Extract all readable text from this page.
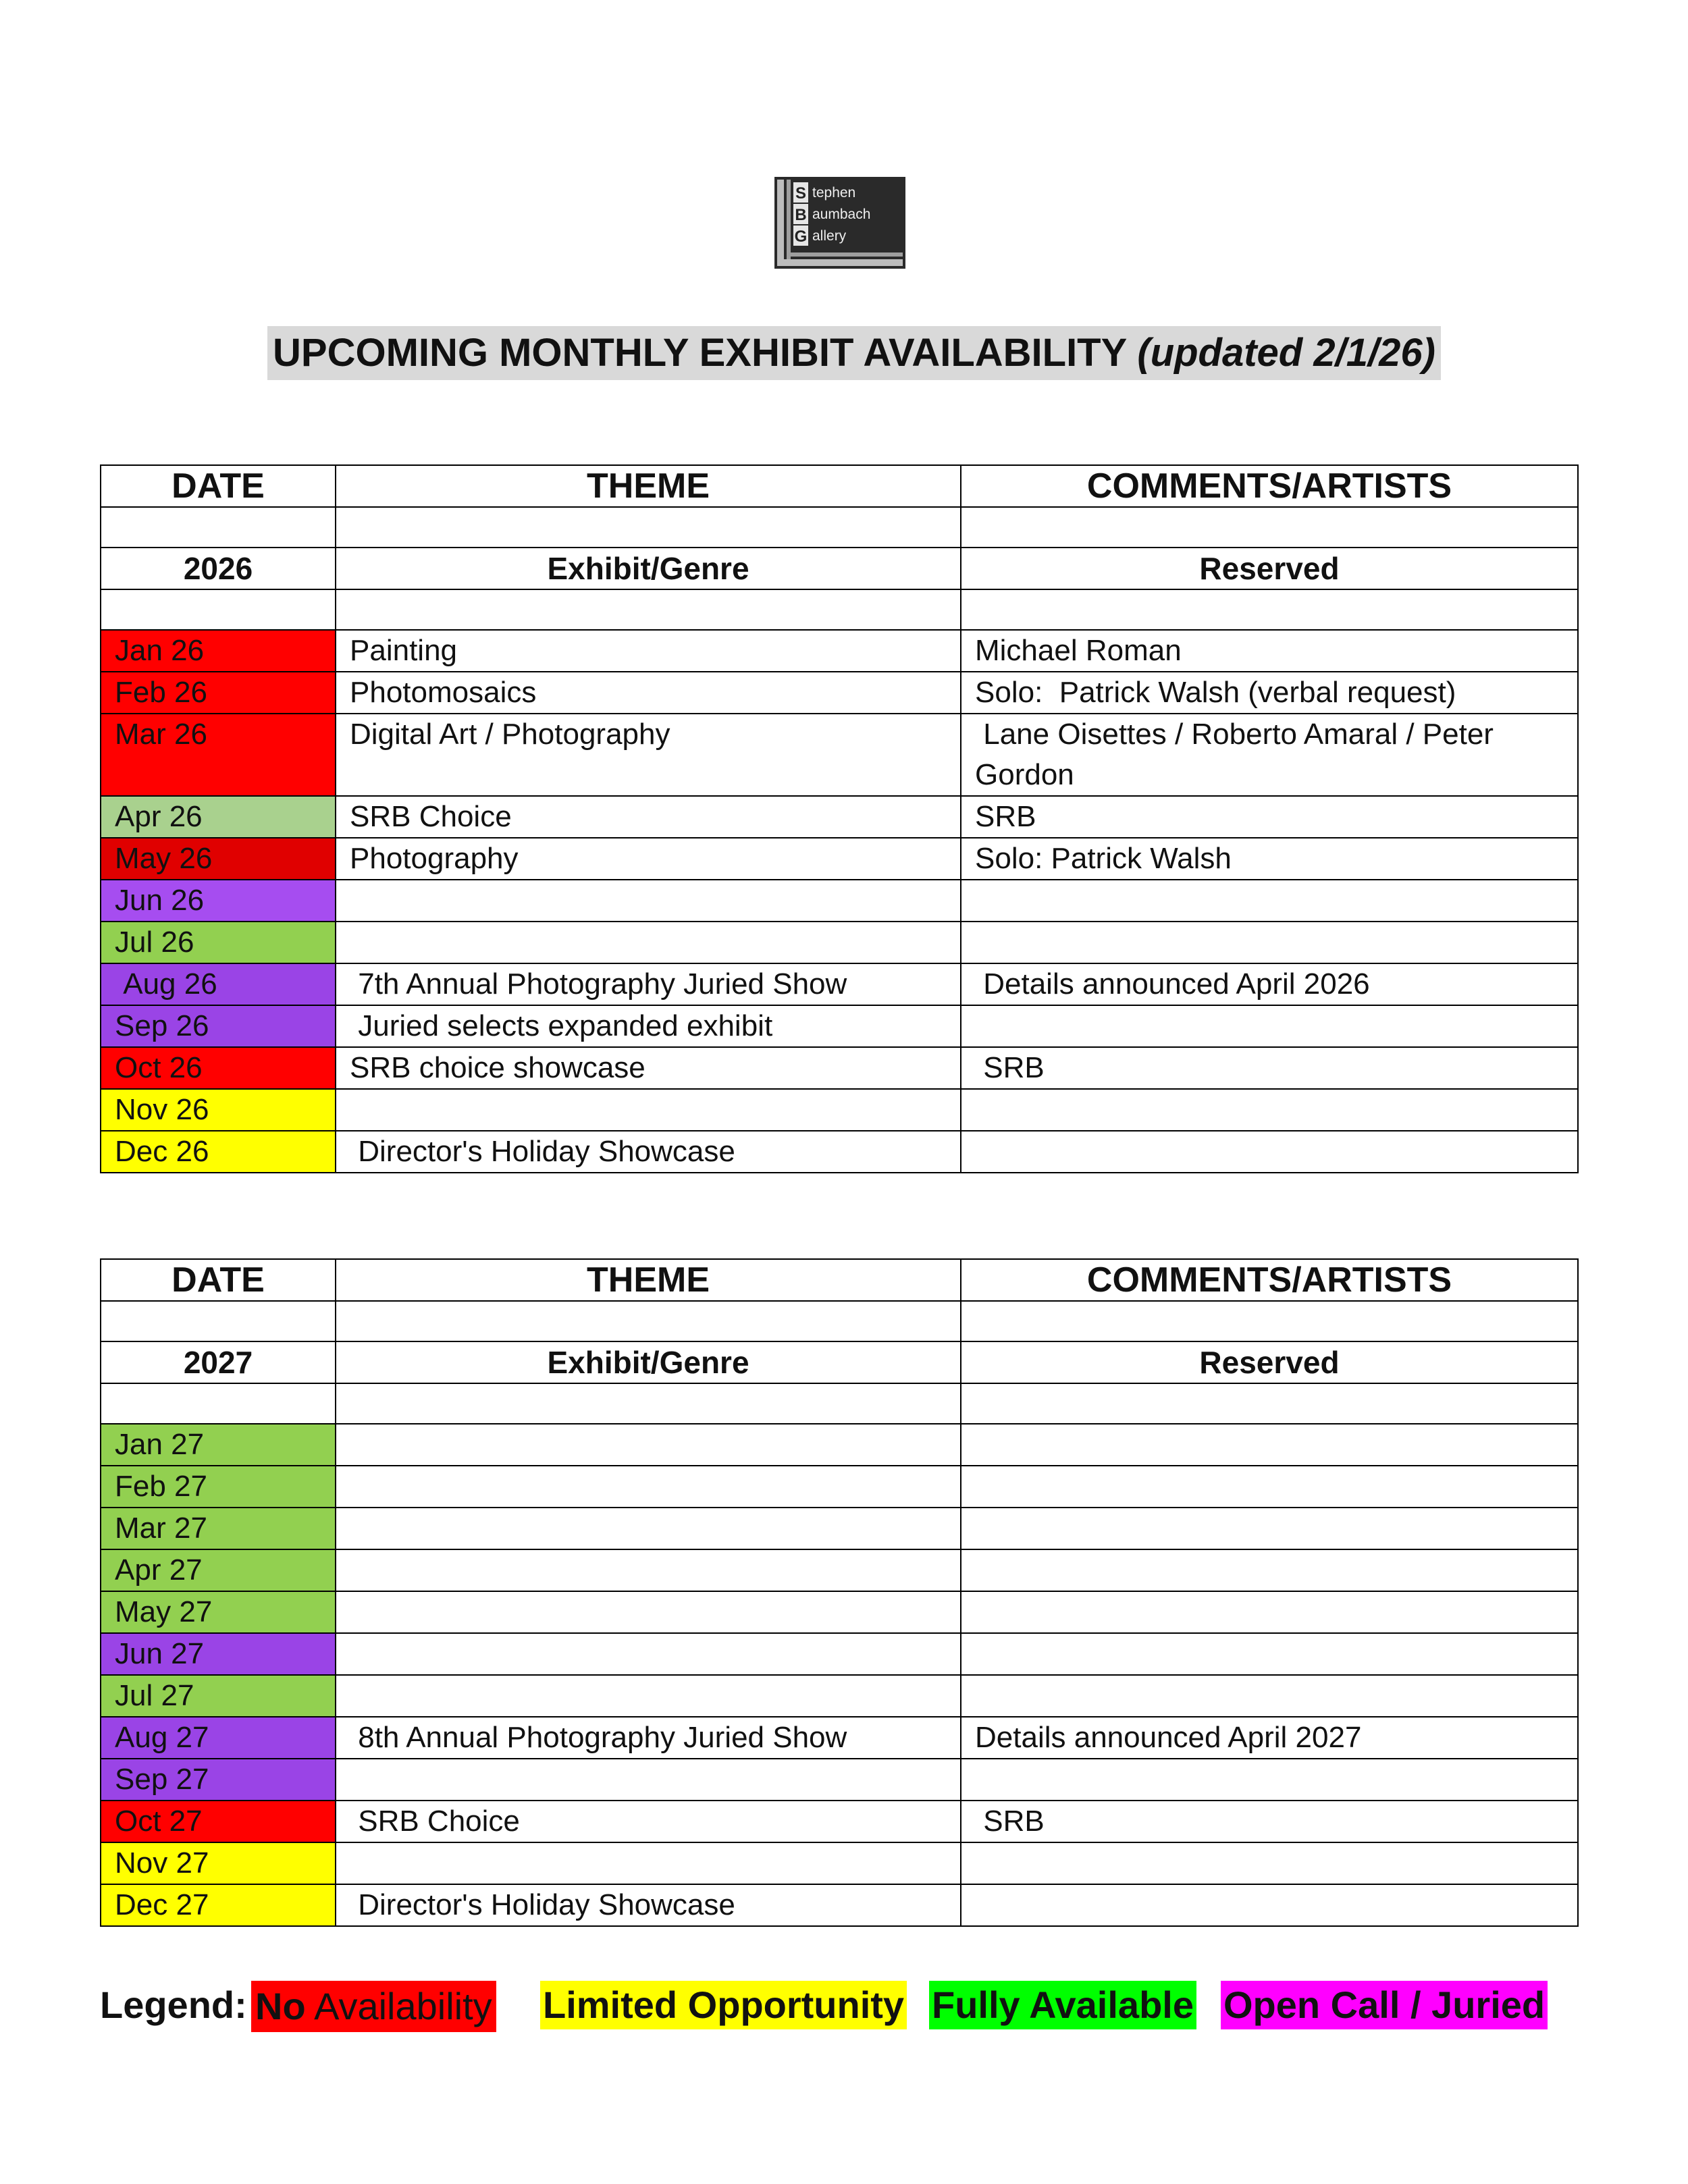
S
B
G
tephen
aumbach
allery
UPCOMING MONTHLY EXHIBIT AVAILABILITY (updated 2/1/26)
DATE	THEME	COMMENTS/ARTISTS

2026	Exhibit/Genre	Reserved

Jan 26	Painting	Michael Roman
Feb 26	Photomosaics	Solo:  Patrick Walsh (verbal request)
Mar 26	Digital Art / Photography	Lane Oisettes / Roberto Amaral / Peter Gordon
Apr 26	SRB Choice	SRB
May 26	Photography	Solo: Patrick Walsh
Jun 26		
Jul 26		
Aug 26	7th Annual Photography Juried Show	Details announced April 2026
Sep 26	Juried selects expanded exhibit	
Oct 26	SRB choice showcase	SRB
Nov 26		
Dec 26	Director's Holiday Showcase	
DATE	THEME	COMMENTS/ARTISTS

2027	Exhibit/Genre	Reserved

Jan 27		
Feb 27		
Mar 27		
Apr 27		
May 27		
Jun 27		
Jul 27		
Aug 27	8th Annual Photography Juried Show	Details announced April 2027
Sep 27		
Oct 27	SRB Choice	SRB
Nov 27		
Dec 27	Director's Holiday Showcase	
Legend: No Availability Limited Opportunity Fully Available Open Call / Juried
